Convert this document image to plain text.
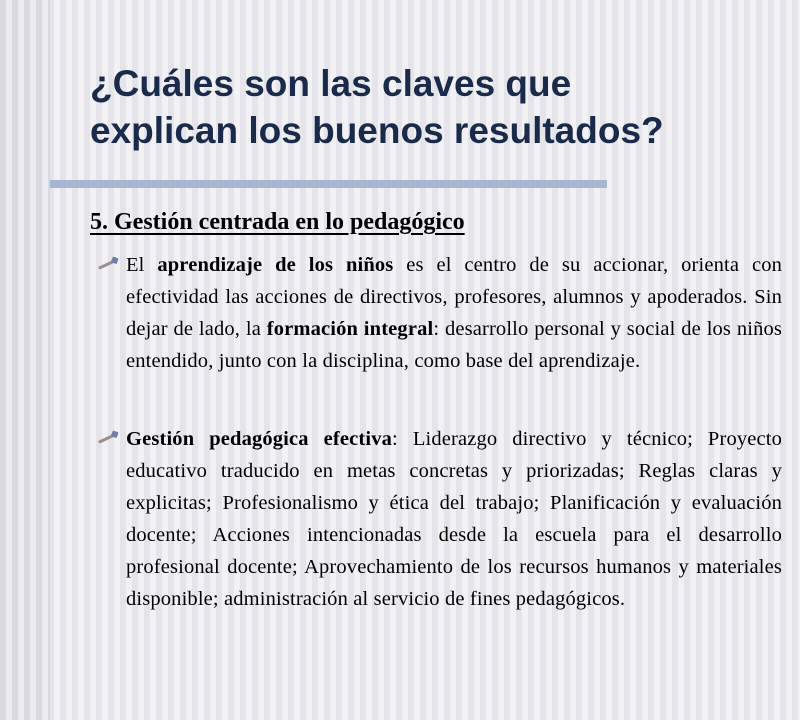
¿Cuáles son las claves que
explican los buenos resultados?
5. Gestión centrada en lo pedagógico

El aprendizaje de los niños es el centro de su accionar, orienta con efectividad las acciones de directivos, profesores, alumnos y apoderados. Sin dejar de lado, la formación integral: desarrollo personal y social de los niños entendido, junto con la disciplina, como base del aprendizaje.

Gestión pedagógica efectiva: Liderazgo directivo y técnico; Proyecto educativo traducido en metas concretas y priorizadas; Reglas claras y explicitas; Profesionalismo y ética del trabajo; Planificación y evaluación docente; Acciones intencionadas desde la escuela para el desarrollo profesional docente; Aprovechamiento de los recursos humanos y materiales disponible; administración al servicio de fines pedagógicos.
